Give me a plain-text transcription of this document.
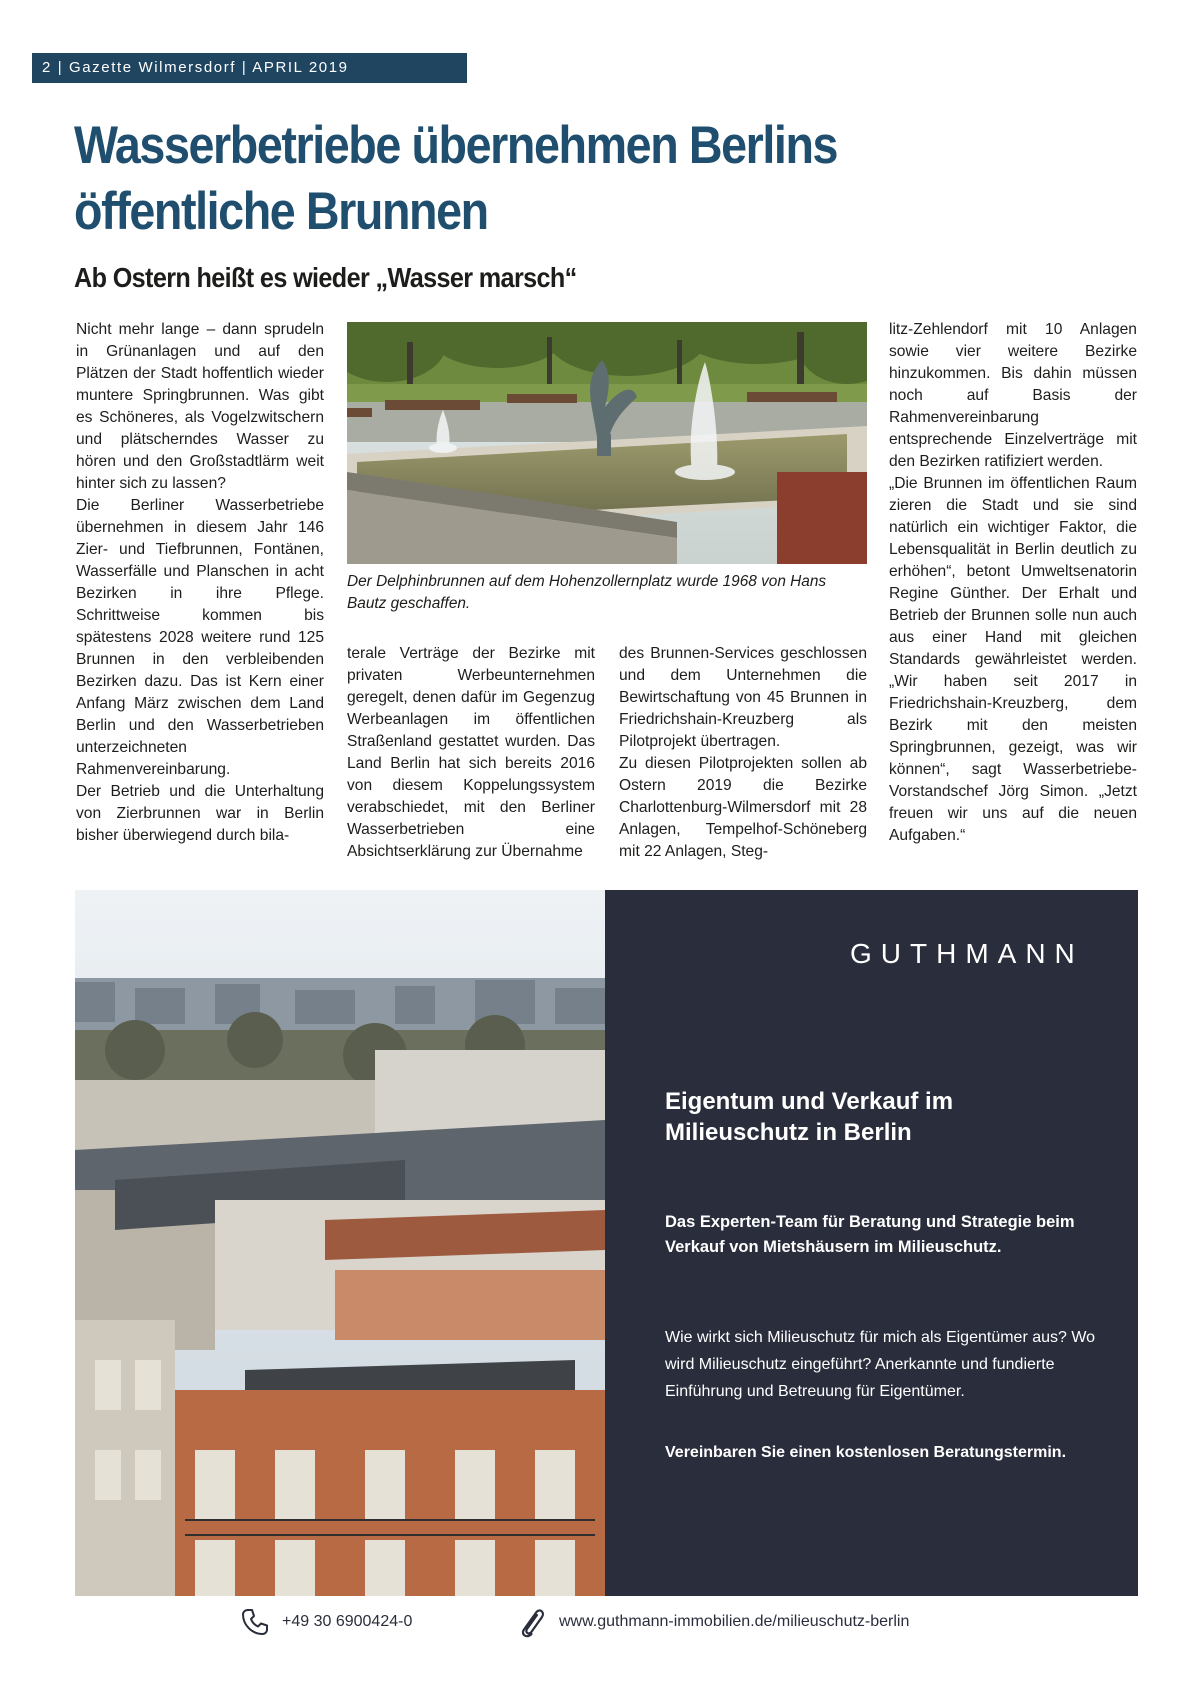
2 | Gazette Wilmersdorf | APRIL 2019
Wasserbetriebe übernehmen Berlins
öffentliche Brunnen
Ab Ostern heißt es wieder „Wasser marsch“

Nicht mehr lange – dann sprudeln in Grünanlagen und auf den Plätzen der Stadt hoffentlich wieder muntere Springbrunnen. Was gibt es Schöneres, als Vogelzwitschern und plätscherndes Wasser zu hören und den Großstadtlärm weit hinter sich zu lassen?

Die Berliner Wasserbetriebe übernehmen in diesem Jahr 146 Zier- und Tiefbrunnen, Fontänen, Wasserfälle und Planschen in acht Bezirken in ihre Pflege. Schrittweise kommen bis spätestens 2028 weitere rund 125 Brunnen in den verbleibenden Bezirken dazu. Das ist Kern einer Anfang März zwischen dem Land Berlin und den Wasserbetrieben unterzeichneten Rahmenvereinbarung.

Der Betrieb und die Unterhaltung von Zierbrunnen war in Berlin bisher überwiegend durch bila-

Der Delphinbrunnen auf dem Hohenzollernplatz wurde 1968 von Hans Bautz geschaffen.

terale Verträge der Bezirke mit privaten Werbeunternehmen geregelt, denen dafür im Gegenzug Werbeanlagen im öffentlichen Straßenland gestattet wurden. Das Land Berlin hat sich bereits 2016 von diesem Koppelungssystem verabschiedet, mit den Berliner Wasserbetrieben eine Absichtserklärung zur Übernahme

des Brunnen-Services geschlossen und dem Unternehmen die Bewirtschaftung von 45 Brunnen in Friedrichshain-Kreuzberg als Pilotprojekt übertragen.

Zu diesen Pilotprojekten sollen ab Ostern 2019 die Bezirke Charlottenburg-Wilmersdorf mit 28 Anlagen, Tempelhof-Schöneberg mit 22 Anlagen, Steg-

litz-Zehlendorf mit 10 Anlagen sowie vier weitere Bezirke hinzukommen. Bis dahin müssen noch auf Basis der Rahmenvereinbarung entsprechende Einzelverträge mit den Bezirken ratifiziert werden.

„Die Brunnen im öffentlichen Raum zieren die Stadt und sie sind natürlich ein wichtiger Faktor, die Lebensqualität in Berlin deutlich zu erhöhen“, betont Umweltsenatorin Regine Günther. Der Erhalt und Betrieb der Brunnen solle nun auch aus einer Hand mit gleichen Standards gewährleistet werden. „Wir haben seit 2017 in Friedrichshain-Kreuzberg, dem Bezirk mit den meisten Springbrunnen, gezeigt, was wir können“, sagt Wasserbetriebe-Vorstandschef Jörg Simon. „Jetzt freuen wir uns auf die neuen Aufgaben.“

GUTHMANN
Eigentum und Verkauf im Milieuschutz in Berlin

Das Experten-Team für Beratung und Strategie beim Verkauf von Mietshäusern im Milieuschutz.

Wie wirkt sich Milieuschutz für mich als Eigentümer aus? Wo wird Milieuschutz eingeführt? Anerkannte und fundierte Einführung und Betreuung für Eigentümer.

Vereinbaren Sie einen kostenlosen Beratungstermin.

+49 30 6900424-0	www.guthmann-immobilien.de/milieuschutz-berlin
